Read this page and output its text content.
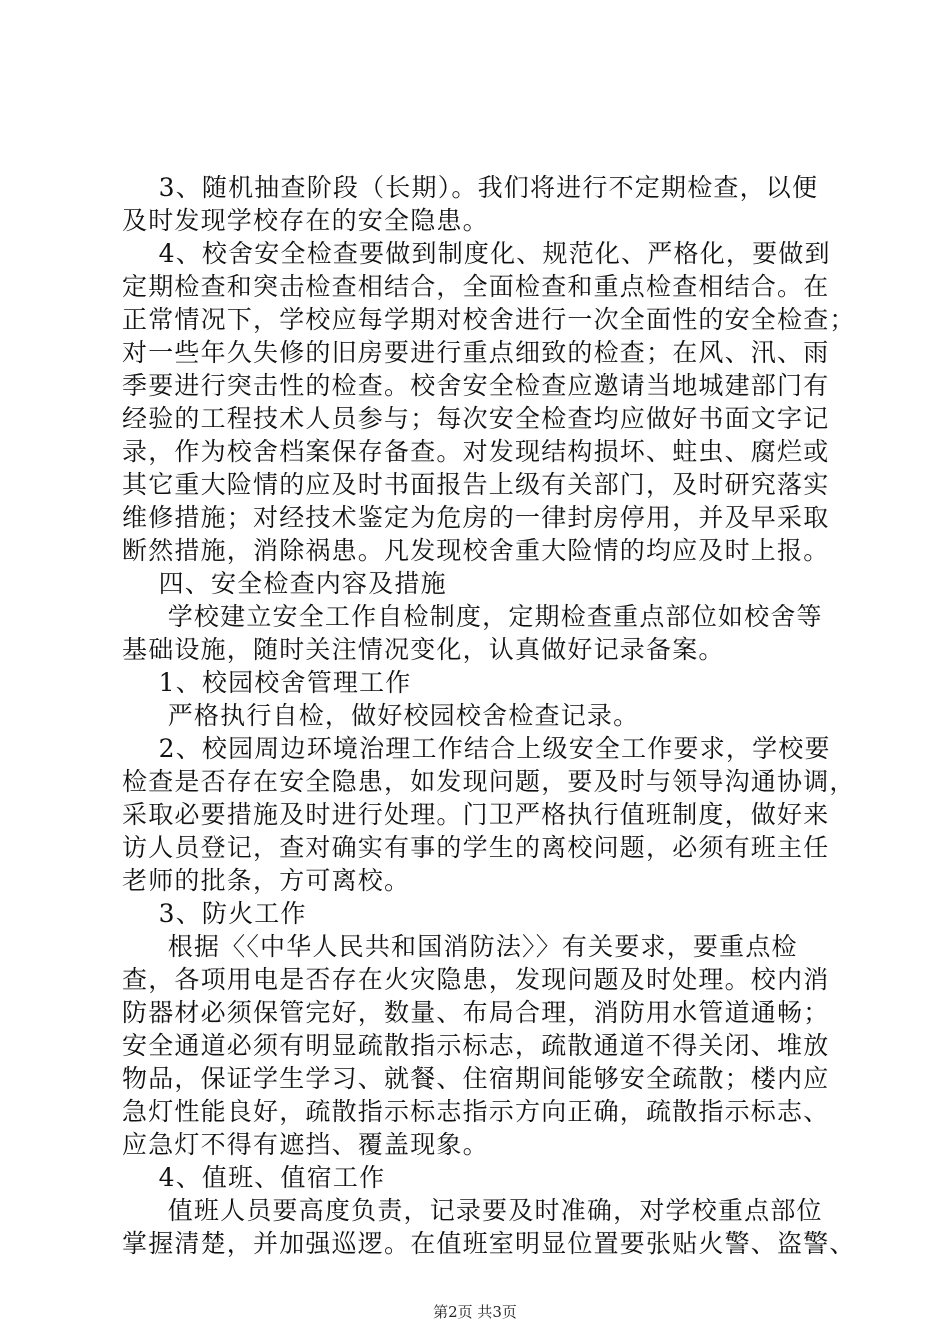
3、随机抽查阶段（长期）。我们将进行不定期检查，以便
及时发现学校存在的安全隐患。
4、校舍安全检查要做到制度化、规范化、严格化，要做到
定期检查和突击检查相结合，全面检查和重点检查相结合。在
正常情况下，学校应每学期对校舍进行一次全面性的安全检查；
对一些年久失修的旧房要进行重点细致的检查；在风、汛、雨
季要进行突击性的检查。校舍安全检查应邀请当地城建部门有
经验的工程技术人员参与；每次安全检查均应做好书面文字记
录，作为校舍档案保存备查。对发现结构损坏、蛀虫、腐烂或
其它重大险情的应及时书面报告上级有关部门，及时研究落实
维修措施；对经技术鉴定为危房的一律封房停用，并及早采取
断然措施，消除祸患。凡发现校舍重大险情的均应及时上报。
四、安全检查内容及措施
学校建立安全工作自检制度，定期检查重点部位如校舍等
基础设施，随时关注情况变化，认真做好记录备案。
1、校园校舍管理工作
严格执行自检，做好校园校舍检查记录。
2、校园周边环境治理工作结合上级安全工作要求，学校要
检查是否存在安全隐患，如发现问题，要及时与领导沟通协调，
采取必要措施及时进行处理。门卫严格执行值班制度，做好来
访人员登记，查对确实有事的学生的离校问题，必须有班主任
老师的批条，方可离校。
3、防火工作
根据〈〈中华人民共和国消防法〉〉有关要求，要重点检
查，各项用电是否存在火灾隐患，发现问题及时处理。校内消
防器材必须保管完好，数量、布局合理，消防用水管道通畅；
安全通道必须有明显疏散指示标志，疏散通道不得关闭、堆放
物品，保证学生学习、就餐、住宿期间能够安全疏散；楼内应
急灯性能良好，疏散指示标志指示方向正确，疏散指示标志、
应急灯不得有遮挡、覆盖现象。
4、值班、值宿工作
值班人员要高度负责，记录要及时准确，对学校重点部位
掌握清楚，并加强巡逻。在值班室明显位置要张贴火警、盗警、
第2页 共3页
